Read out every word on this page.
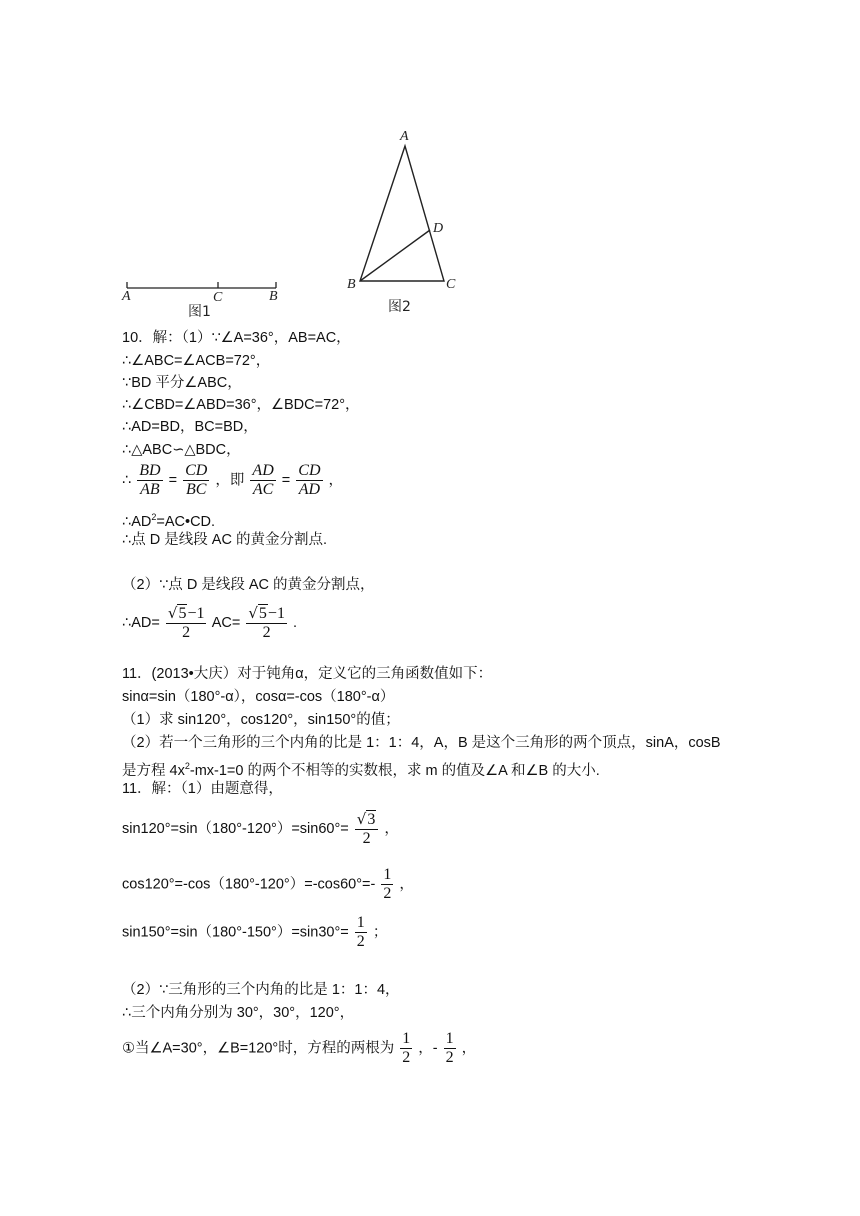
A	C	B
图1
A
B	C
D
图2
10．解：（1）∵∠A=36°，AB=AC，
∴∠ABC=∠ACB=72°，
∵BD 平分∠ABC，
∴∠CBD=∠ABD=36°，∠BDC=72°，
∴AD=BD，BC=BD，
∴△ABC∽△BDC，
∴ $\frac{BD}{AB} = \frac{CD}{BC}$ ，即 $\frac{AD}{AC} = \frac{CD}{AD}$ ，
$\therefore AD^2=AC•CD$.
∴点 D 是线段 AC 的黄金分割点.
（2）∵点 D 是线段 AC 的黄金分割点，
∴AD= $\frac{√5-1}{2} AC= \frac{√5-1}{2}$ .
11．(2013•大庆）对于钝角α，定义它的三角函数值如下：
sinα=sin（180°-α），cosα=-cos（180°-α）
（1）求 sin120°，cos120°，sin150°的值；
（2）若一个三角形的三个内角的比是 1：1：4，A，B 是这个三角形的两个顶点，sinA，cosB
是方程 $4x^2-mx-1=0$ 的两个不相等的实数根，求 m 的值及∠A 和∠B 的大小.
11．解：（1）由题意得，
$\sin 120^\circ=\sin(180^\circ-120^\circ)=\sin 60^\circ= \frac{√3}{2}$ ，
$\cos 120^\circ=-\cos(180^\circ-120^\circ)=-\cos 60^\circ=- \frac{1}{2}$ ，
$\sin 150^\circ=\sin(180^\circ-150^\circ)=\sin 30^\circ= \frac{1}{2}$ ；
（2）∵三角形的三个内角的比是 1：1：4，
∴三个内角分别为 30°，30°，120°，
①当∠A=30°，∠B=120°时，方程的两根为 $\frac{1}{2}$ ，- $\frac{1}{2}$ ，
